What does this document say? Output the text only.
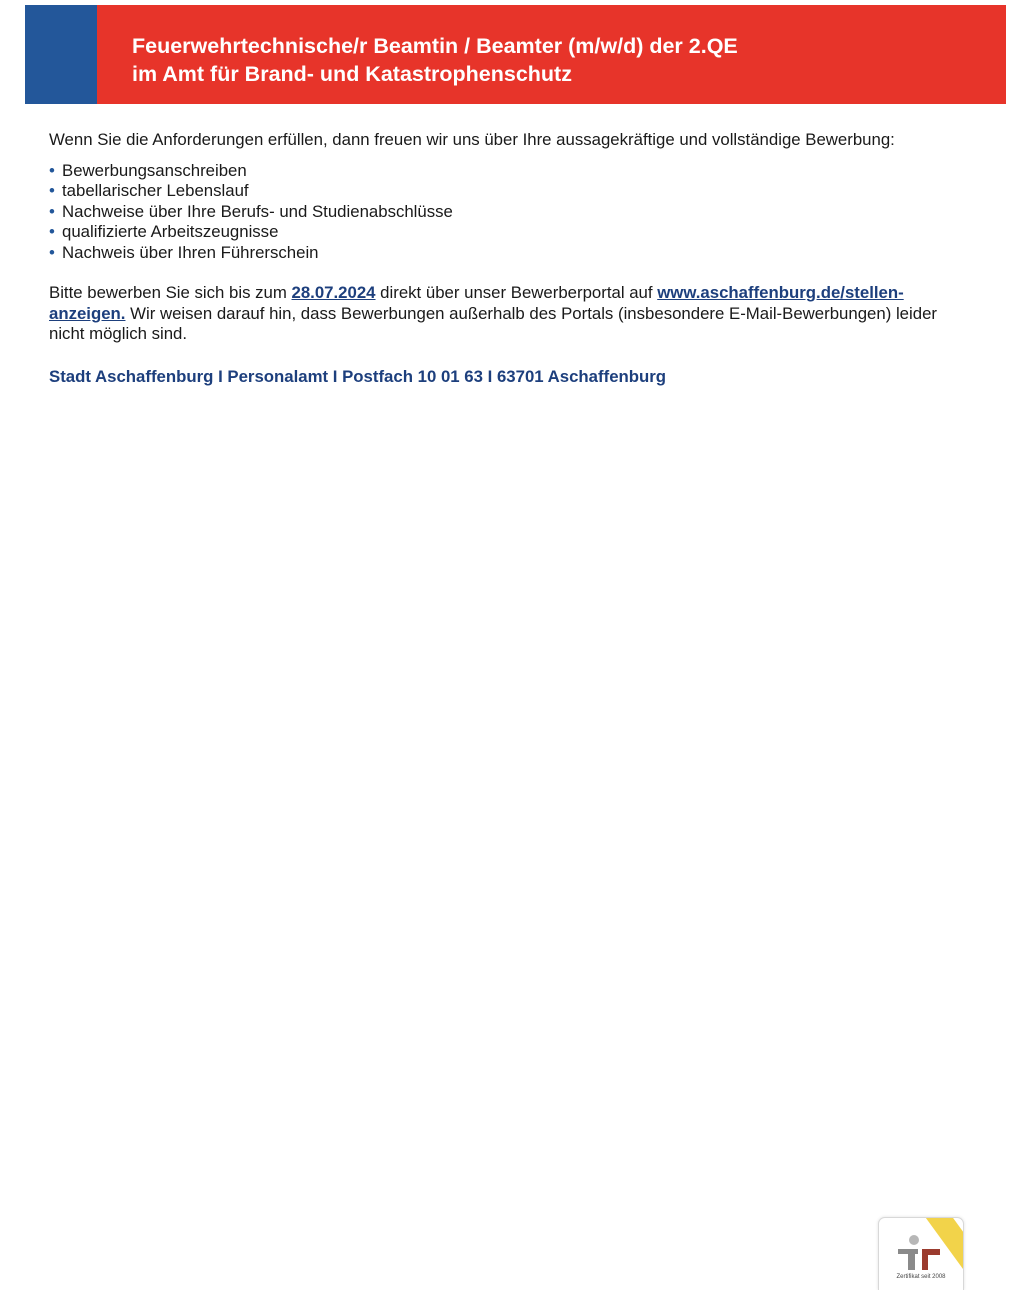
Feuerwehrtechnische/r Beamtin / Beamter (m/w/d) der 2.QE
im Amt für Brand- und Katastrophenschutz

Wenn Sie die Anforderungen erfüllen, dann freuen wir uns über Ihre aussagekräftige und vollständige Bewerbung:

• Bewerbungsanschreiben
• tabellarischer Lebenslauf
• Nachweise über Ihre Berufs- und Studienabschlüsse
• qualifizierte Arbeitszeugnisse
• Nachweis über Ihren Führerschein

Bitte bewerben Sie sich bis zum 28.07.2024 direkt über unser Bewerberportal auf www.aschaffenburg.de/stellen-anzeigen. Wir weisen darauf hin, dass Bewerbungen außerhalb des Portals (insbesondere E-Mail-Bewerbungen) leider nicht möglich sind.

Stadt Aschaffenburg I Personalamt I Postfach 10 01 63 I 63701 Aschaffenburg

Zertifikat seit 2008
